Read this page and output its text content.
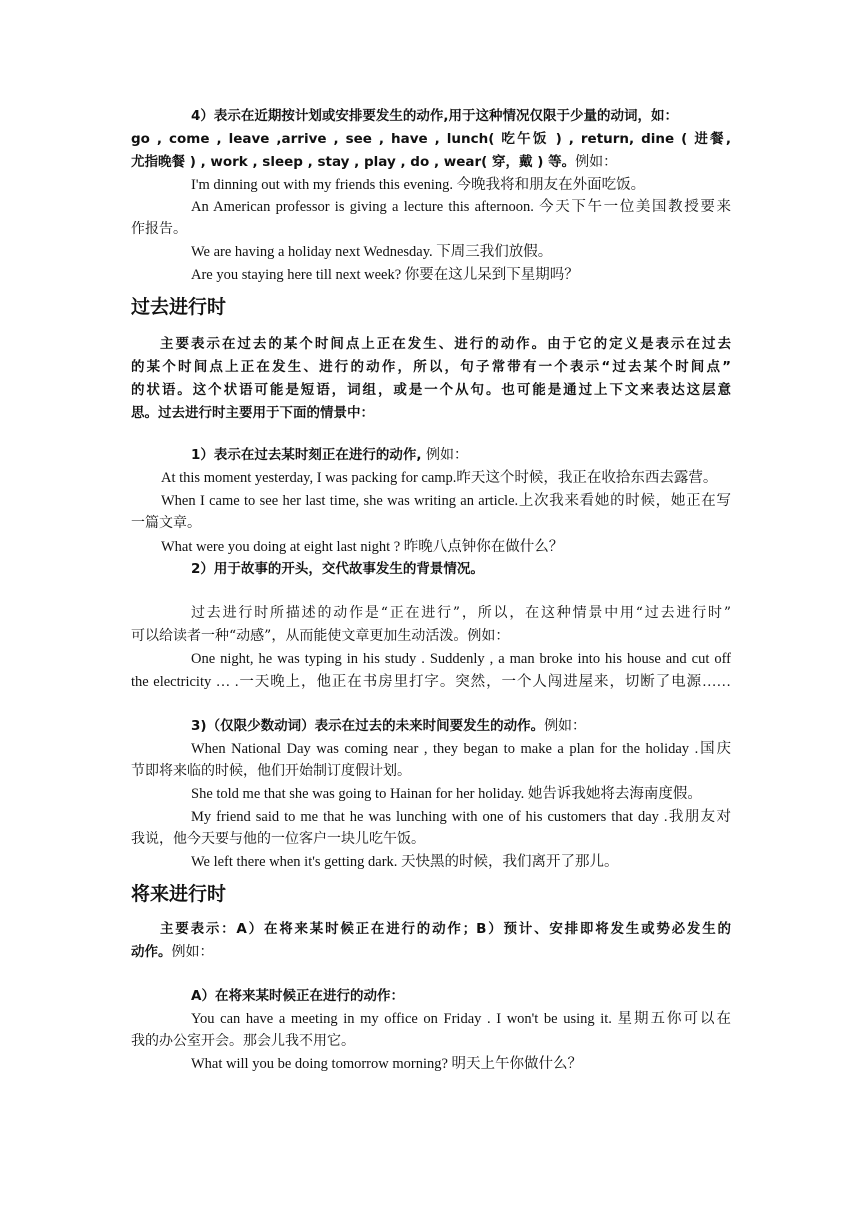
4）表示在近期按计划或安排要发生的动作,用于这种情况仅限于少量的动词，如：
go , come , leave ,arrive , see , have , lunch( 吃午饭 ) , return, dine ( 进餐,
尤指晚餐 ) , work , sleep , stay , play , do , wear( 穿，戴 ) 等。例如：
I'm dinning out with my friends this evening. 今晚我将和朋友在外面吃饭。
An American professor is giving a lecture this afternoon. 今天下午一位美国教授要来
作报告。
We are having a holiday next Wednesday. 下周三我们放假。
Are you staying here till next week? 你要在这儿呆到下星期吗？
过去进行时
主要表示在过去的某个时间点上正在发生、进行的动作。由于它的定义是表示在过去
的某个时间点上正在发生、进行的动作，所以，句子常带有一个表示“过去某个时间点”
的状语。这个状语可能是短语，词组，或是一个从句。也可能是通过上下文来表达这层意
思。过去进行时主要用于下面的情景中：
1）表示在过去某时刻正在进行的动作, 例如：
At this moment yesterday, I was packing for camp.昨天这个时候，我正在收拾东西去露营。
When I came to see her last time, she was writing an article.上次我来看她的时候，她正在写
一篇文章。
What were you doing at eight last night ? 昨晚八点钟你在做什么？
2）用于故事的开头，交代故事发生的背景情况。
过去进行时所描述的动作是“正在进行”，所以，在这种情景中用“过去进行时”
可以给读者一种“动感”，从而能使文章更加生动活泼。例如：
One night, he was typing in his study . Suddenly , a man broke into his house and cut off
the electricity … .一天晚上，他正在书房里打字。突然，一个人闯进屋来，切断了电源……
3)（仅限少数动词）表示在过去的未来时间要发生的动作。例如：
When National Day was coming near , they began to make a plan for the holiday .国庆
节即将来临的时候，他们开始制订度假计划。
She told me that she was going to Hainan for her holiday. 她告诉我她将去海南度假。
My friend said to me that he was lunching with one of his customers that day .我朋友对
我说，他今天要与他的一位客户一块儿吃午饭。
We left there when it's getting dark. 天快黑的时候，我们离开了那儿。
将来进行时
主要表示：A）在将来某时候正在进行的动作；B）预计、安排即将发生或势必发生的
动作。例如：
A）在将来某时候正在进行的动作：
You can have a meeting in my office on Friday . I won't be using it. 星期五你可以在
我的办公室开会。那会儿我不用它。
What will you be doing tomorrow morning? 明天上午你做什么？
